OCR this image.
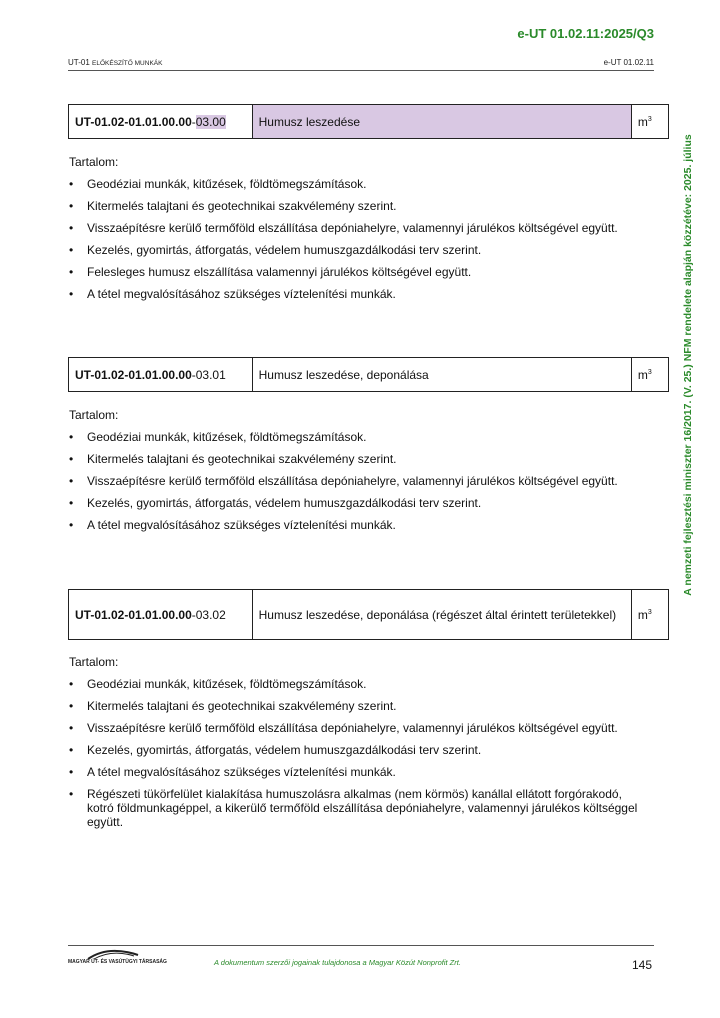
e-UT 01.02.11:2025/Q3
UT-01 ELŐKÉSZÍTŐ MUNKÁK	e-UT 01.02.11
A nemzeti fejlesztési miniszter 16/2017. (V. 25.) NFM rendelete alapján közzétéve: 2025. július
UT-01.02-01.01.00.00-03.00	Humusz leszedése	$m^3$
Tartalom:
• Geodéziai munkák, kitűzések, földtömegszámítások.
• Kitermelés talajtani és geotechnikai szakvélemény szerint.
• Visszaépítésre kerülő termőföld elszállítása depóniahelyre, valamennyi járulékos költségével együtt.
• Kezelés, gyomirtás, átforgatás, védelem humuszgazdálkodási terv szerint.
• Felesleges humusz elszállítása valamennyi járulékos költségével együtt.
• A tétel megvalósításához szükséges víztelenítési munkák.
UT-01.02-01.01.00.00-03.01	Humusz leszedése, deponálása	$m^3$
Tartalom:
• Geodéziai munkák, kitűzések, földtömegszámítások.
• Kitermelés talajtani és geotechnikai szakvélemény szerint.
• Visszaépítésre kerülő termőföld elszállítása depóniahelyre, valamennyi járulékos költségével együtt.
• Kezelés, gyomirtás, átforgatás, védelem humuszgazdálkodási terv szerint.
• A tétel megvalósításához szükséges víztelenítési munkák.
UT-01.02-01.01.00.00-03.02	Humusz leszedése, deponálása (régészet által érintett területekkel)	$m^3$
Tartalom:
• Geodéziai munkák, kitűzések, földtömegszámítások.
• Kitermelés talajtani és geotechnikai szakvélemény szerint.
• Visszaépítésre kerülő termőföld elszállítása depóniahelyre, valamennyi járulékos költségével együtt.
• Kezelés, gyomirtás, átforgatás, védelem humuszgazdálkodási terv szerint.
• A tétel megvalósításához szükséges víztelenítési munkák.
• Régészeti tükörfelület kialakítása humuszolásra alkalmas (nem körmös) kanállal ellátott forgórakodó, kotró földmunkagéppel, a kikerülő termőföld elszállítása depóniahelyre, valamennyi járulékos költséggel együtt.
MAGYAR ÚT- ÉS VASÚTÜGYI TÁRSASÁG	A dokumentum szerzői jogainak tulajdonosa a Magyar Közút Nonprofit Zrt.	145
